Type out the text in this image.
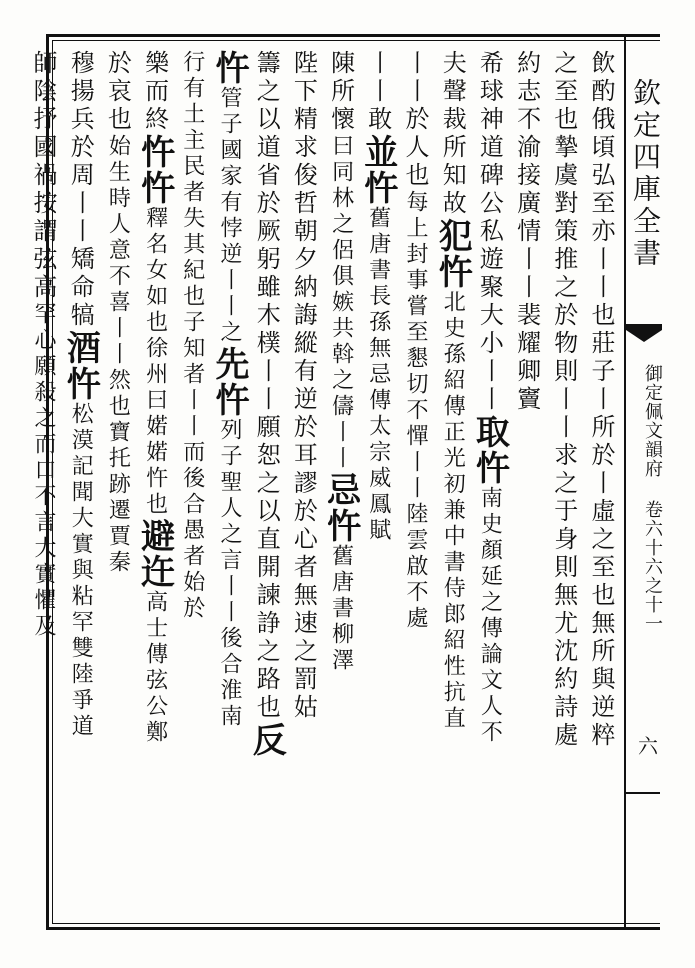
欽定四庫全書
御定佩文韻府 卷六十六之十一
六
飲酌俄頃弘至亦丨丨也莊子丨所於丨虛之至也無所與逆粹
之至也摯虞對策推之於物則丨丨求之于身則無尤沈約詩處
約志不渝接廣情丨丨裴耀卿竇
希球神道碑公私遊聚大小丨丨取忤南史顏延之傳論文人不
夫聲裁所知故犯忤北史孫紹傳正光初兼中書侍郎紹性抗直
丨丨於人也每上封事嘗至懇切不憚丨丨陸雲啟不處
丨丨敢並忤舊唐書長孫無忌傳太宗威鳳賦
陳所懷曰同林之侶俱嫉共斡之儔丨丨忌忤舊唐書柳澤
陛下精求俊哲朝夕納誨縱有逆於耳謬於心者無速之罰姑
籌之以道省於厥躬雖木樸丨丨願恕之以直開諫諍之路也反
忤管子國家有悖逆丨丨之先忤列子聖人之言丨丨後合淮南
行有土主民者失其紀也子知者丨丨而後合愚者始於
樂而終忤忤釋名女如也徐州曰婼婼忤也避迕高士傳弦公鄭
於哀也始生時人意不喜丨丨然也寶托跡遷賈秦
穆揚兵於周丨丨矯命犒酒忤松漠記聞大實與粘罕雙陸爭道
師陰抒國禍按謂弦高罕心願殺之而口不言大實懼及
